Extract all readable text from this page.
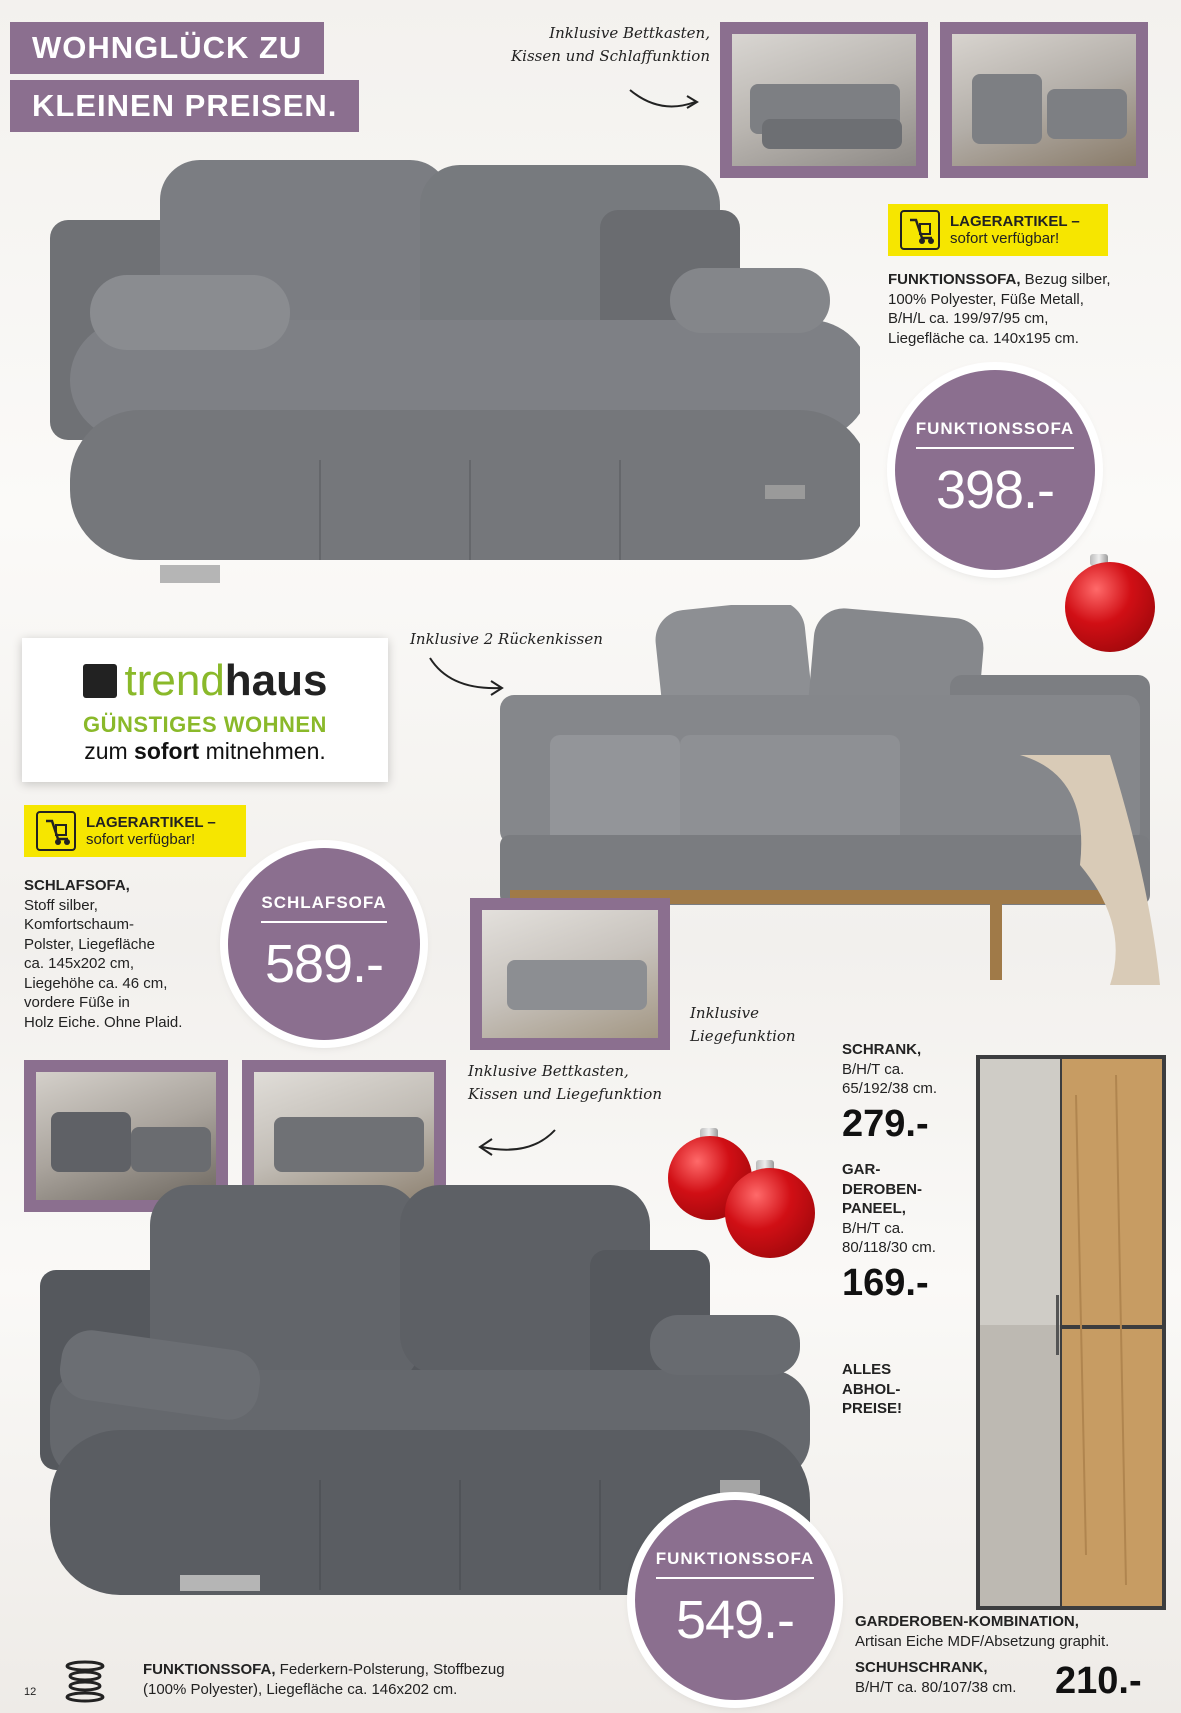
WOHNGLÜCK ZU
KLEINEN PREISEN.
Inklusive Bettkasten,
Kissen und Schlaffunktion
LAGERARTIKEL –
sofort verfügbar!
FUNKTIONSSOFA, Bezug silber,
100% Polyester, Füße Metall,
B/H/L ca. 199/97/95 cm,
Liegefläche ca. 140x195 cm.
FUNKTIONSSOFA
398.-
trend haus
GÜNSTIGES WOHNEN
zum sofort mitnehmen.
Inklusive 2 Rückenkissen
Inklusive
Liegefunktion
LAGERARTIKEL –
sofort verfügbar!
SCHLAFSOFA,
Stoff silber,
Komfortschaum-
Polster, Liegefläche
ca. 145x202 cm,
Liegehöhe ca. 46 cm,
vordere Füße in
Holz Eiche. Ohne Plaid.
SCHLAFSOFA
589.-
Inklusive Bettkasten,
Kissen und Liegefunktion
FUNKTIONSSOFA
549.-
SCHRANK,
B/H/T ca.
65/192/38 cm.
279.-
GAR-
DEROBEN-
PANEEL,
B/H/T ca.
80/118/30 cm.
169.-
ALLES
ABHOL-
PREISE!
GARDEROBEN-KOMBINATION,
Artisan Eiche MDF/Absetzung graphit.
SCHUHSCHRANK,
B/H/T ca. 80/107/38 cm.	210.-
FUNKTIONSSOFA, Federkern-Polsterung, Stoffbezug
(100% Polyester), Liegefläche ca. 146x202 cm.
12
